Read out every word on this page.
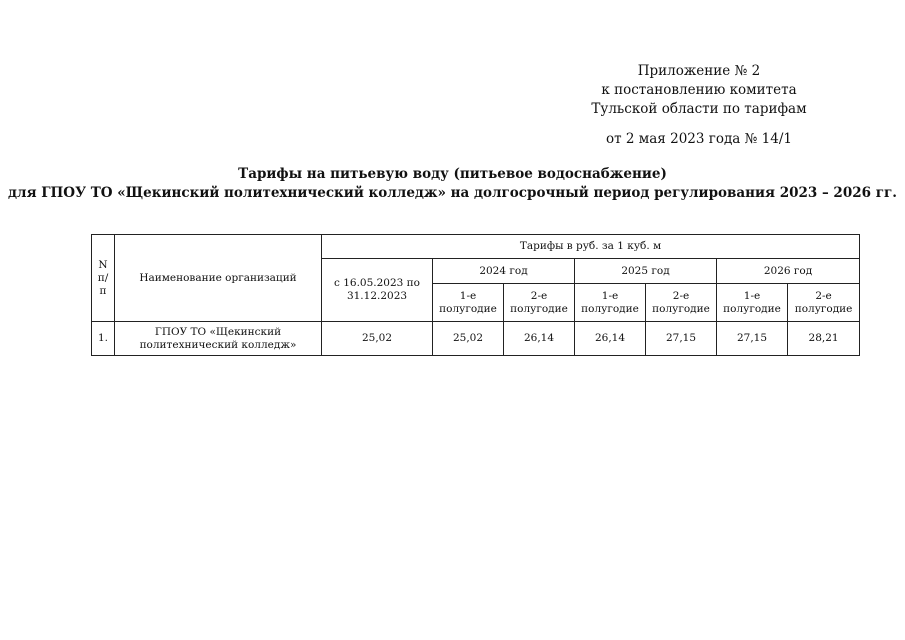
Приложение № 2
к постановлению комитета
Тульской области по тарифам
от 2 мая 2023 года № 14/1
Тарифы на питьевую воду (питьевое водоснабжение)
для ГПОУ ТО «Щекинский политехнический колледж» на долгосрочный период регулирования 2023 – 2026 гг.
N п/п	Наименование организаций	Тарифы в руб. за 1 куб. м						
		с 16.05.2023 по 31.12.2023	2024 год		2025 год		2026 год	
			1-е полугодие	2-е полугодие	1-е полугодие	2-е полугодие	1-е полугодие	2-е полугодие
1.	ГПОУ ТО «Щекинский политехнический колледж»	25,02	25,02	26,14	26,14	27,15	27,15	28,21
